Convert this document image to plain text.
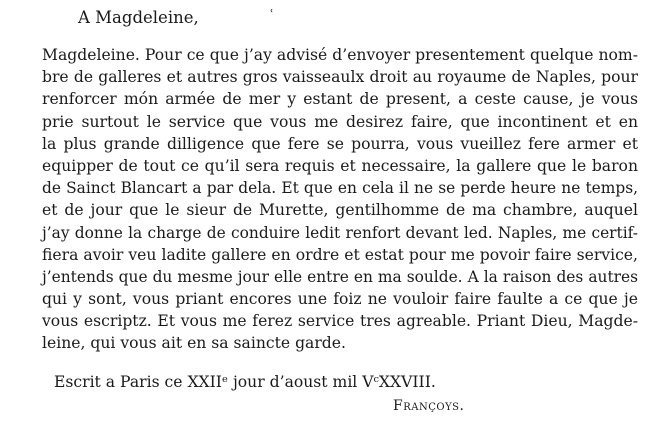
A Magdeleine,	ʿ
Magdeleine. Pour ce que j’ay advisé d’envoyer presentement quelque nom-
bre de galleres et autres gros vaisseaulx droit au royaume de Naples, pour
renforcer món armée de mer y estant de present, a ceste cause, je vous
prie surtout le service que vous me desirez faire, que incontinent et en
la plus grande dilligence que fere se pourra, vous vueillez fere armer et
equipper de tout ce qu’il sera requis et necessaire, la gallere que le baron
de Sainct Blancart a par dela. Et que en cela il ne se perde heure ne temps,
et de jour que le sieur de Murette, gentilhomme de ma chambre, auquel
j’ay donne la charge de conduire ledit renfort devant led. Naples, me certif-
fiera avoir veu ladite gallere en ordre et estat pour me povoir faire service,
j’entends que du mesme jour elle entre en ma soulde. A la raison des autres
qui y sont, vous priant encores une foiz ne vouloir faire faulte a ce que je
vous escriptz. Et vous me ferez service tres agreable. Priant Dieu, Magde-
leine, qui vous ait en sa saincte garde.
Escrit a Paris ce XXIIᵉ jour d’aoust mil VᶜXXVIII.
Françoys.
